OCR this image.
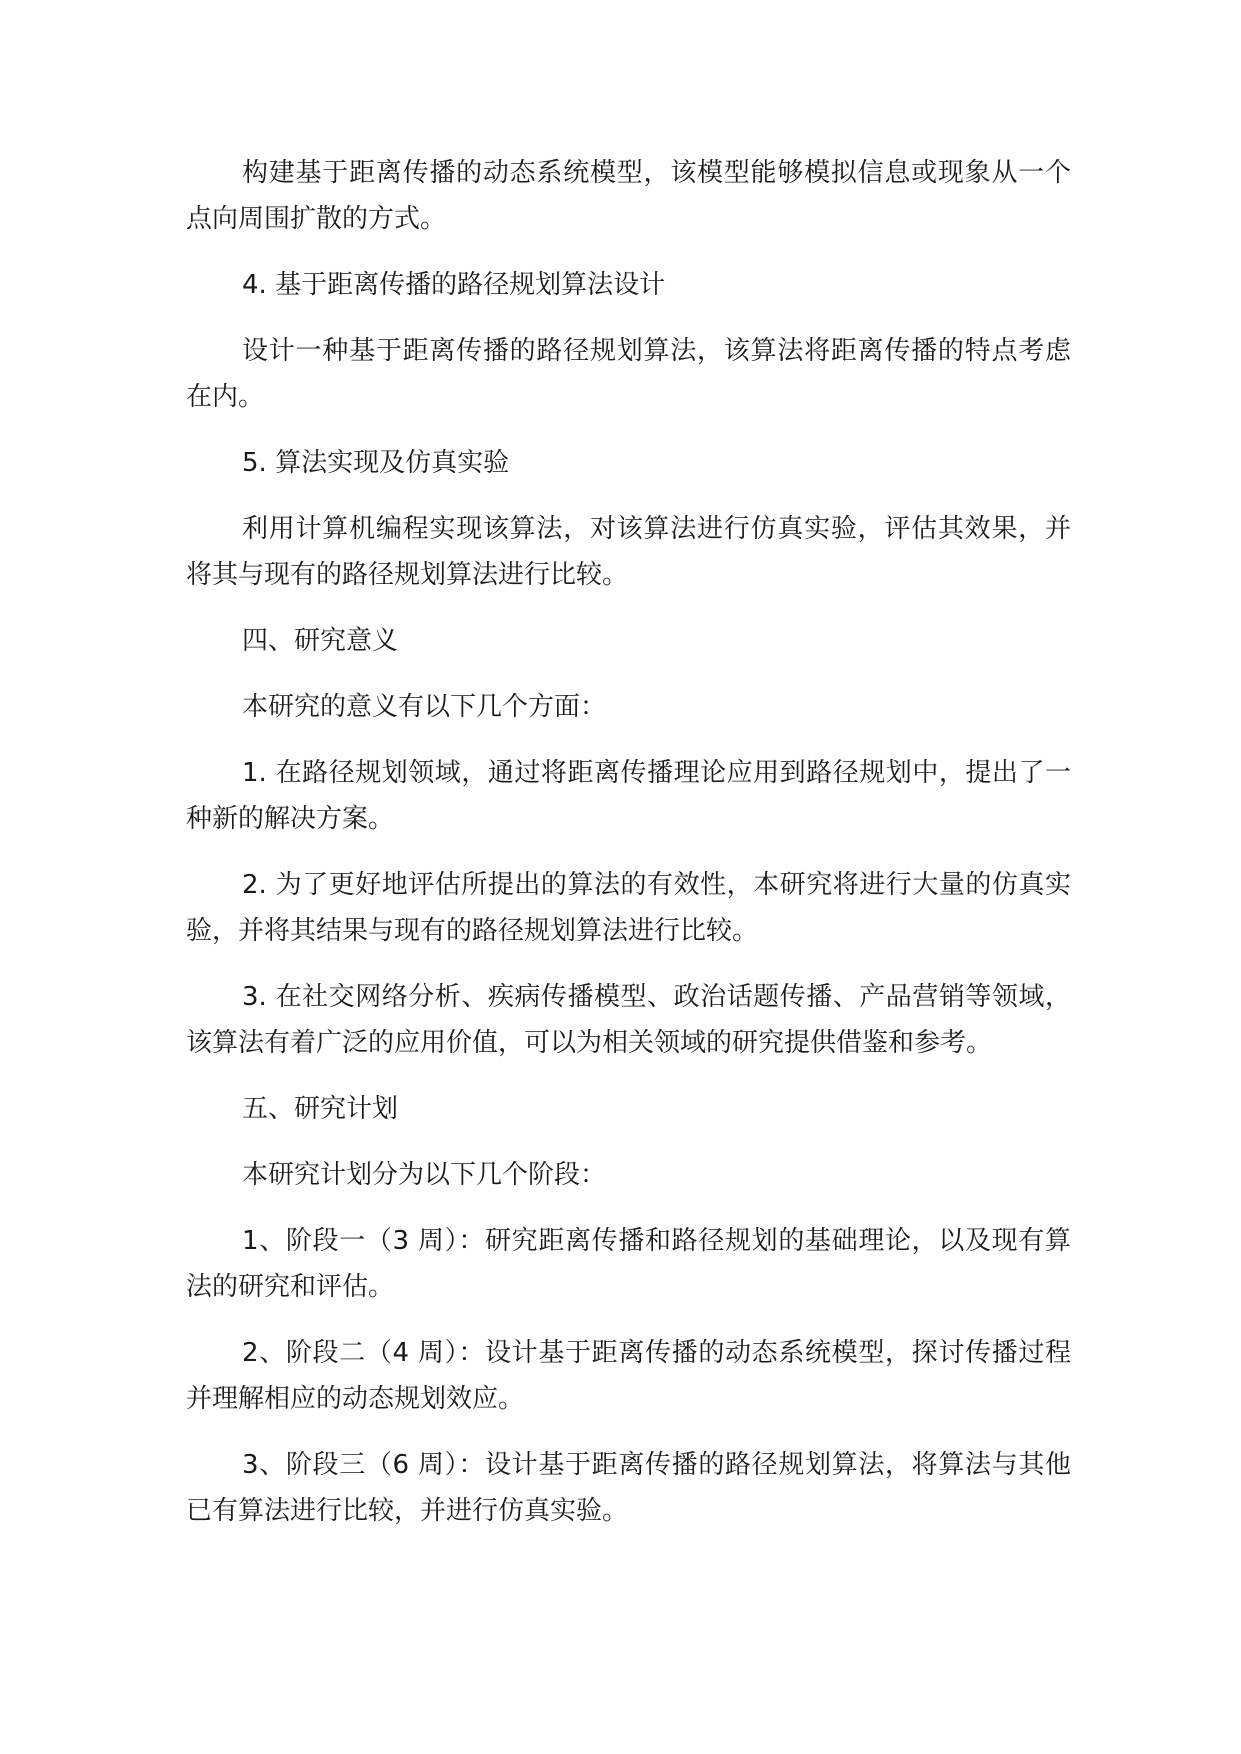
构建基于距离传播的动态系统模型，该模型能够模拟信息或现象从一个点向周围扩散的方式。

4. 基于距离传播的路径规划算法设计

设计一种基于距离传播的路径规划算法，该算法将距离传播的特点考虑在内。

5. 算法实现及仿真实验

利用计算机编程实现该算法，对该算法进行仿真实验，评估其效果，并将其与现有的路径规划算法进行比较。

四、研究意义

本研究的意义有以下几个方面：

1. 在路径规划领域，通过将距离传播理论应用到路径规划中，提出了一种新的解决方案。

2. 为了更好地评估所提出的算法的有效性，本研究将进行大量的仿真实验，并将其结果与现有的路径规划算法进行比较。

3. 在社交网络分析、疾病传播模型、政治话题传播、产品营销等领域，该算法有着广泛的应用价值，可以为相关领域的研究提供借鉴和参考。

五、研究计划

本研究计划分为以下几个阶段：

1、阶段一（3 周）：研究距离传播和路径规划的基础理论，以及现有算法的研究和评估。

2、阶段二（4 周）：设计基于距离传播的动态系统模型，探讨传播过程并理解相应的动态规划效应。

3、阶段三（6 周）：设计基于距离传播的路径规划算法，将算法与其他已有算法进行比较，并进行仿真实验。
